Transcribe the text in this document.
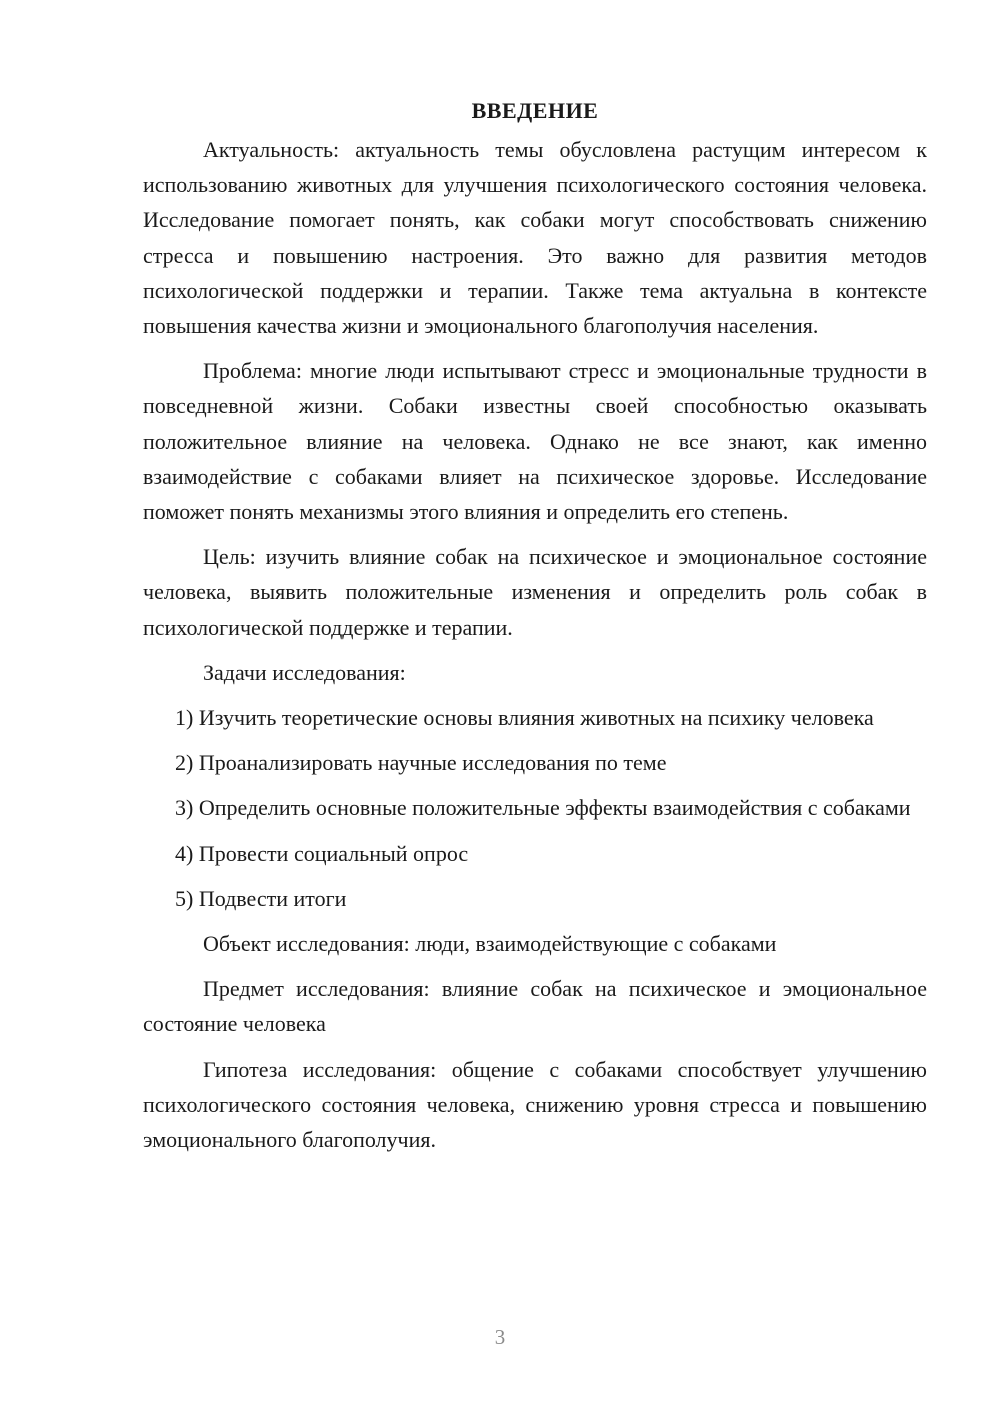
ВВЕДЕНИЕ

Актуальность: актуальность темы обусловлена растущим интересом к использованию животных для улучшения психологического состояния человека. Исследование помогает понять, как собаки могут способствовать снижению стресса и повышению настроения. Это важно для развития методов психологической поддержки и терапии. Также тема актуальна в контексте повышения качества жизни и эмоционального благополучия населения.

Проблема: многие люди испытывают стресс и эмоциональные трудности в повседневной жизни. Собаки известны своей способностью оказывать положительное влияние на человека. Однако не все знают, как именно взаимодействие с собаками влияет на психическое здоровье. Исследование поможет понять механизмы этого влияния и определить его степень.

Цель: изучить влияние собак на психическое и эмоциональное состояние человека, выявить положительные изменения и определить роль собак в психологической поддержке и терапии.

Задачи исследования:

1) Изучить теоретические основы влияния животных на психику человека

2) Проанализировать научные исследования по теме

3) Определить основные положительные эффекты взаимодействия с собаками

4) Провести социальный опрос

5) Подвести итоги

Объект исследования: люди, взаимодействующие с собаками

Предмет исследования: влияние собак на психическое и эмоциональное состояние человека

Гипотеза исследования: общение с собаками способствует улучшению психологического состояния человека, снижению уровня стресса и повышению эмоционального благополучия.

3
